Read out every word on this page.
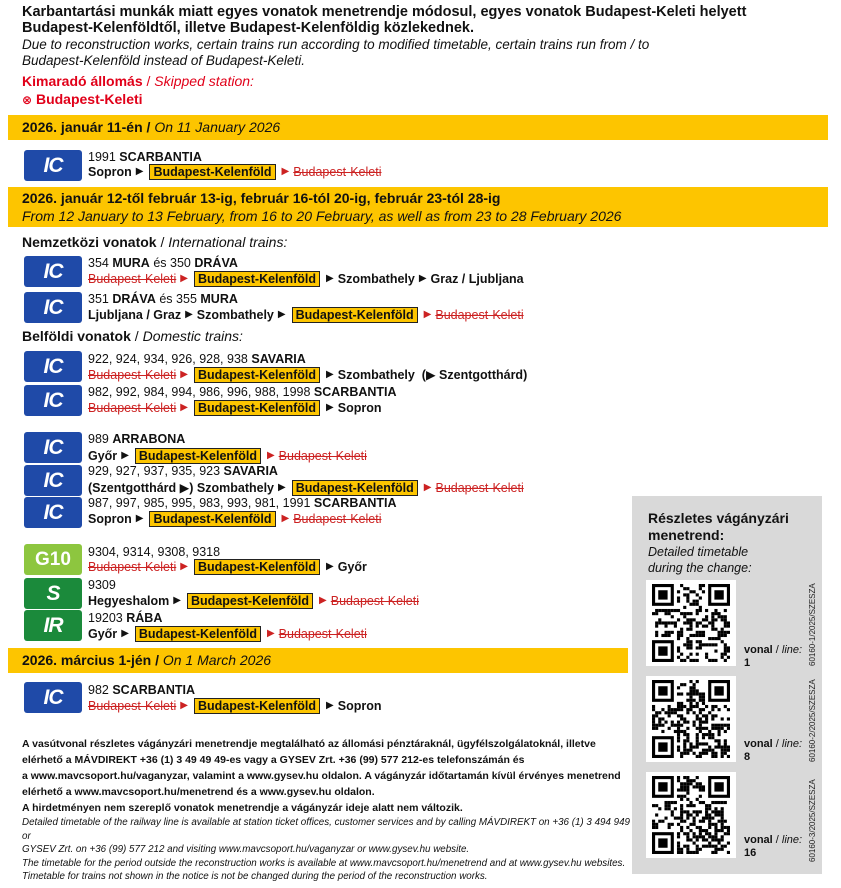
Karbantartási munkák miatt egyes vonatok menetrendje módosul, egyes vonatok Budapest-Keleti helyett
Budapest-Kelenföldtől, illetve Budapest-Kelenföldig közlekednek.
Due to reconstruction works, certain trains run according to modified timetable, certain trains run from / to
Budapest-Kelenföld instead of Budapest-Keleti.
Kimaradó állomás / Skipped station:
⊗ Budapest-Keleti
2026. január 11-én / On 11 January 2026
IC	1991 SCARBANTIA
Sopron ▶ Budapest-Kelenföld	▶ Budapest-Keleti
2026. január 12-től február 13-ig, február 16-tól 20-ig, február 23-tól 28-ig
From 12 January to 13 February, from 16 to 20 February, as well as from 23 to 28 February 2026
Nemzetközi vonatok / International trains:
IC	354 MURA és 350 DRÁVA
Budapest-Keleti ▶ Budapest-Kelenföld	▶ Szombathely ▶ Graz / Ljubljana
IC	351 DRÁVA és 355 MURA
Ljubljana / Graz ▶ Szombathely ▶ Budapest-Kelenföld	▶ Budapest-Keleti
Belföldi vonatok / Domestic trains:
IC	922, 924, 934, 926, 928, 938 SAVARIA
Budapest-Keleti ▶ Budapest-Kelenföld	▶ Szombathely
(▶ Szentgotthárd)
IC	982, 992, 984, 994, 986, 996, 988, 1998 SCARBANTIA
Budapest-Keleti ▶ Budapest-Kelenföld	▶ Sopron
IC	989 ARRABONA
Győr ▶ Budapest-Kelenföld	▶ Budapest-Keleti
IC	929, 927, 937, 935, 923 SAVARIA
(Szentgotthárd ▶) Szombathely ▶ Budapest-Kelenföld	▶ Budapest-Keleti
IC	987, 997, 985, 995, 983, 993, 981, 1991 SCARBANTIA
Sopron ▶ Budapest-Kelenföld	▶ Budapest-Keleti
G10	9304, 9314, 9308, 9318
Budapest-Keleti ▶ Budapest-Kelenföld	▶ Győr
S	9309
Hegyeshalom ▶ Budapest-Kelenföld	▶ Budapest-Keleti
IR	19203 RÁBA
Győr ▶ Budapest-Kelenföld	▶ Budapest-Keleti
2026. március 1-jén / On 1 March 2026
IC	982 SCARBANTIA
Budapest-Keleti ▶ Budapest-Kelenföld	▶ Sopron
A vasútvonal részletes vágányzári menetrendje megtalálható az állomási pénztáraknál, ügyfélszolgálatoknál, illetve
elérhető a MÁVDIREKT +36 (1) 3 49 49 49-es vagy a GYSEV Zrt. +36 (99) 577 212-es telefonszámán és
a www.mavcsoport.hu/vaganyzar, valamint a www.gysev.hu oldalon. A vágányzár időtartamán kívül érvényes menetrend
elérhető a www.mavcsoport.hu/menetrend és a www.gysev.hu oldalon.
A hirdetményen nem szereplő vonatok menetrendje a vágányzár ideje alatt nem változik.
Detailed timetable of the railway line is available at station ticket offices, customer services and by calling MÁVDIREKT on +36 (1) 3 494 949 or
GYSEV Zrt. on +36 (99) 577 212 and visiting www.mavcsoport.hu/vaganyzar or www.gysev.hu website.
The timetable for the period outside the reconstruction works is available at www.mavcsoport.hu/menetrend and at www.gysev.hu websites.
Timetable for trains not shown in the notice is not be changed during the period of the reconstruction works.
Részletes vágányzári
menetrend:
Detailed timetable
during the change:
vonal / line:
1
vonal / line:
8
vonal / line:
16
60160-1/2025/SZESZA
60160-2/2025/SZESZA
60160-3/2025/SZESZA
